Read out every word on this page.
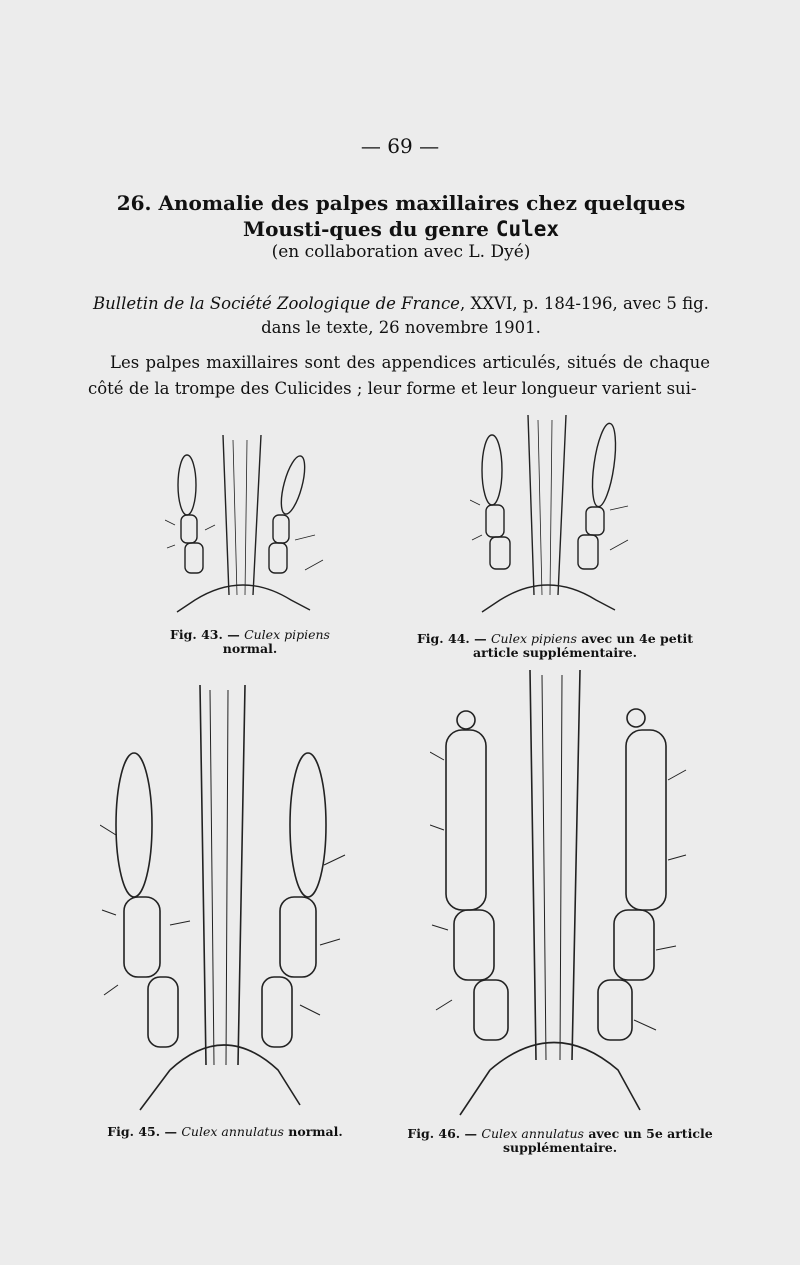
— 69 —
26. Anomalie des palpes maxillaires chez quelques Mousti-ques du genre Culex
(en collaboration avec L. Dyé)
Bulletin de la Société Zoologique de France, XXVI, p. 184-196, avec 5 fig. dans le texte, 26 novembre 1901.
Les palpes maxillaires sont des appendices articulés, situés de chaque côté de la trompe des Culicides ; leur forme et leur longueur varient sui-
Fig. 43. — Culex pipiens
normal.
Fig. 44. — Culex pipiens avec un 4e petit article supplémentaire.
Fig. 45. — Culex annulatus normal.	Fig. 46. — Culex annulatus avec un 5e article supplémentaire.
